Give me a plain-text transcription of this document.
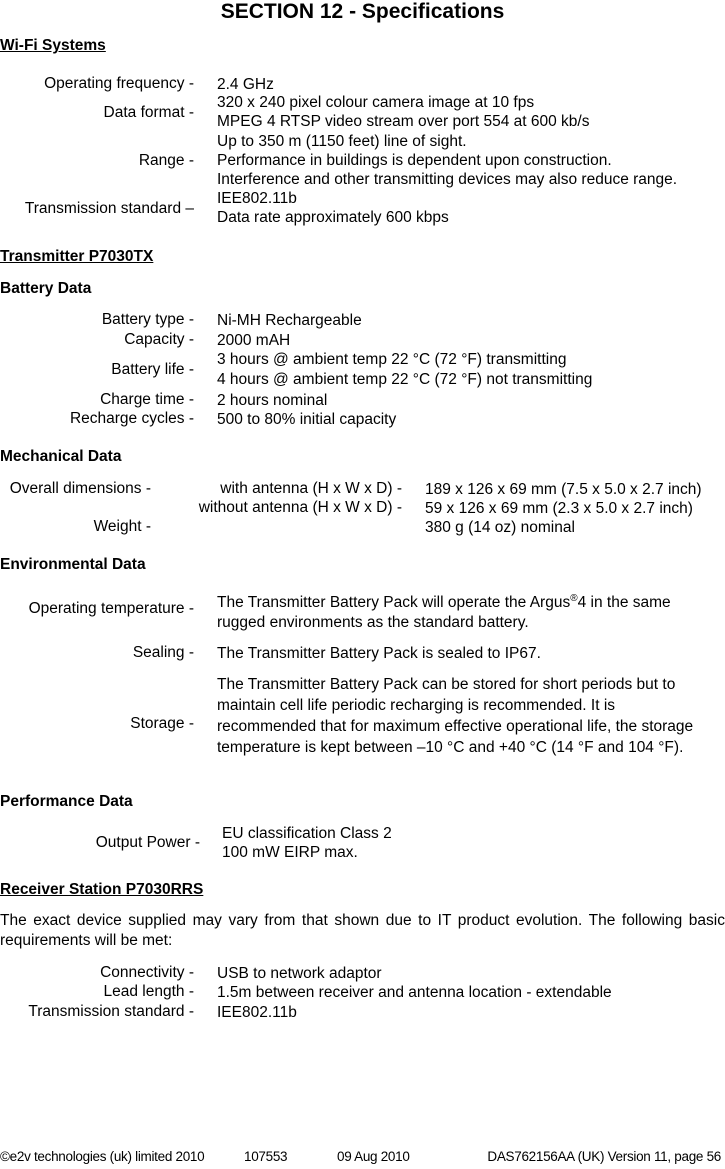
SECTION 12 - Specifications
Wi-Fi Systems
Operating frequency - 2.4 GHz
Data format -
320 x 240 pixel colour camera image at 10 fps
MPEG 4 RTSP video stream over port 554 at 600 kb/s
Range -
Up to 350 m (1150 feet) line of sight.
Performance in buildings is dependent upon construction.
Interference and other transmitting devices may also reduce range.
Transmission standard –
IEE802.11b
Data rate approximately 600 kbps
Transmitter P7030TX
Battery Data
Battery type - Ni-MH Rechargeable
Capacity - 2000 mAH
Battery life -
3 hours @ ambient temp 22 °C (72 °F) transmitting
4 hours @ ambient temp 22 °C (72 °F) not transmitting
Charge time - 2 hours nominal
Recharge cycles - 500 to 80% initial capacity
Mechanical Data
Overall dimensions -	with antenna (H x W x D) - 189 x 126 x 69 mm (7.5 x 5.0 x 2.7 inch)
without antenna (H x W x D) - 59 x 126 x 69 mm (2.3 x 5.0 x 2.7 inch)
Weight -	380 g (14 oz) nominal
Environmental Data
Operating temperature - The Transmitter Battery Pack will operate the Argus®4 in the same rugged environments as the standard battery.
Sealing - The Transmitter Battery Pack is sealed to IP67.
Storage -
The Transmitter Battery Pack can be stored for short periods but to maintain cell life periodic recharging is recommended. It is recommended that for maximum effective operational life, the storage temperature is kept between –10 °C and +40 °C (14 °F and 104 °F).
Performance Data
Output Power -
EU classification Class 2
100 mW EIRP max.
Receiver Station P7030RRS
The exact device supplied may vary from that shown due to IT product evolution. The following basic requirements will be met:
Connectivity - USB to network adaptor
Lead length - 1.5m between receiver and antenna location - extendable
Transmission standard - IEE802.11b
©e2v technologies (uk) limited 2010	107553	09 Aug 2010	DAS762156AA (UK) Version 11, page 56
